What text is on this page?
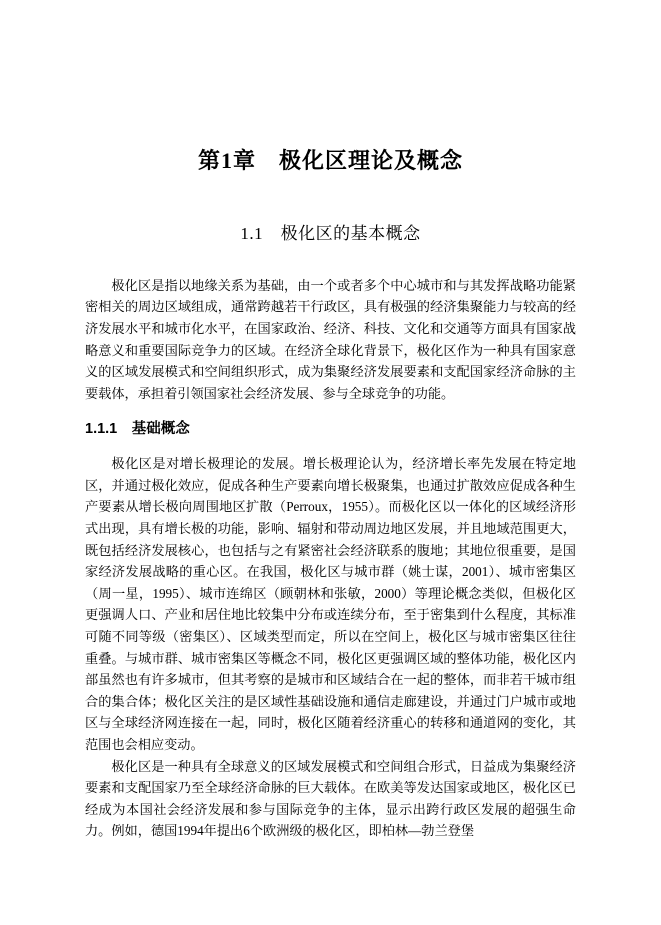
第1章　极化区理论及概念
1.1　极化区的基本概念

极化区是指以地缘关系为基础，由一个或者多个中心城市和与其发挥战略功能紧密相关的周边区域组成，通常跨越若干行政区，具有极强的经济集聚能力与较高的经济发展水平和城市化水平，在国家政治、经济、科技、文化和交通等方面具有国家战略意义和重要国际竞争力的区域。在经济全球化背景下，极化区作为一种具有国家意义的区域发展模式和空间组织形式，成为集聚经济发展要素和支配国家经济命脉的主要载体，承担着引领国家社会经济发展、参与全球竞争的功能。

1.1.1　基础概念

极化区是对增长极理论的发展。增长极理论认为，经济增长率先发展在特定地区，并通过极化效应，促成各种生产要素向增长极聚集，也通过扩散效应促成各种生产要素从增长极向周围地区扩散（Perroux，1955）。而极化区以一体化的区域经济形式出现，具有增长极的功能，影响、辐射和带动周边地区发展，并且地域范围更大，既包括经济发展核心，也包括与之有紧密社会经济联系的腹地；其地位很重要，是国家经济发展战略的重心区。在我国，极化区与城市群（姚士谋，2001）、城市密集区（周一星，1995）、城市连绵区（顾朝林和张敏，2000）等理论概念类似，但极化区更强调人口、产业和居住地比较集中分布或连续分布，至于密集到什么程度，其标准可随不同等级（密集区）、区域类型而定，所以在空间上，极化区与城市密集区往往重叠。与城市群、城市密集区等概念不同，极化区更强调区域的整体功能，极化区内部虽然也有许多城市，但其考察的是城市和区域结合在一起的整体，而非若干城市组合的集合体；极化区关注的是区域性基础设施和通信走廊建设，并通过门户城市或地区与全球经济网连接在一起，同时，极化区随着经济重心的转移和通道网的变化，其范围也会相应变动。

极化区是一种具有全球意义的区域发展模式和空间组合形式，日益成为集聚经济要素和支配国家乃至全球经济命脉的巨大载体。在欧美等发达国家或地区，极化区已经成为本国社会经济发展和参与国际竞争的主体，显示出跨行政区发展的超强生命力。例如，德国1994年提出6个欧洲级的极化区，即柏林—勃兰登堡
